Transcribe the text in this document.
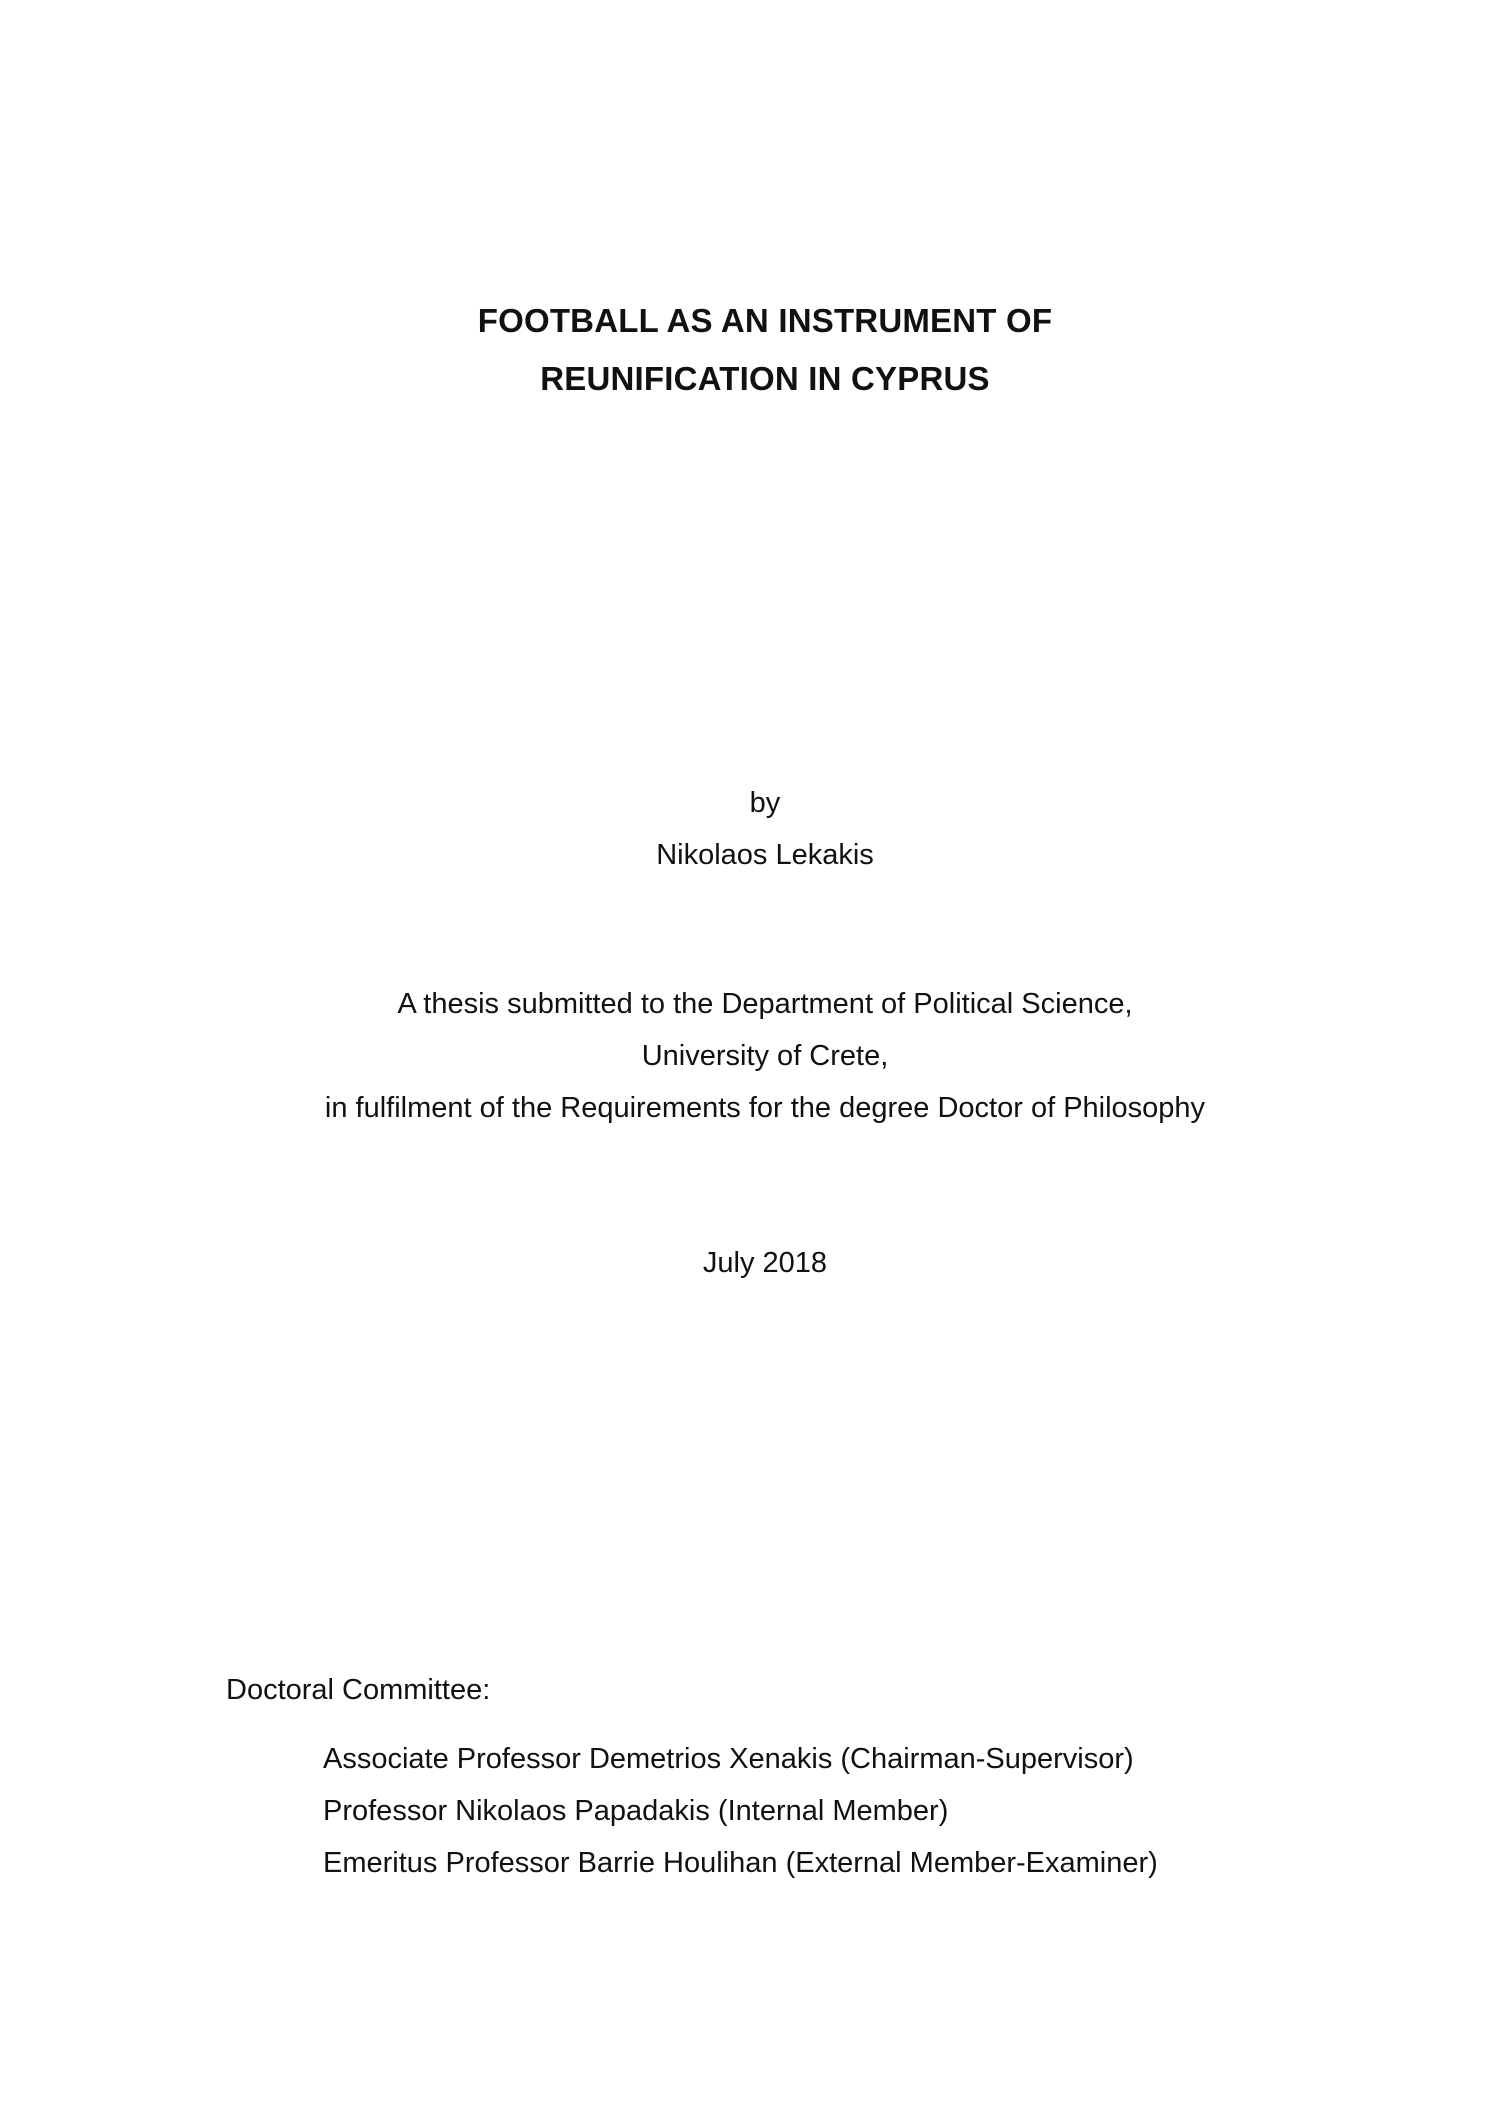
FOOTBALL AS AN INSTRUMENT OF
REUNIFICATION IN CYPRUS
by
Nikolaos Lekakis
A thesis submitted to the Department of Political Science,
University of Crete,
in fulfilment of the Requirements for the degree Doctor of Philosophy
July 2018
Doctoral Committee:
Associate Professor Demetrios Xenakis (Chairman-Supervisor)
Professor Nikolaos Papadakis (Internal Member)
Emeritus Professor Barrie Houlihan (External Member-Examiner)
